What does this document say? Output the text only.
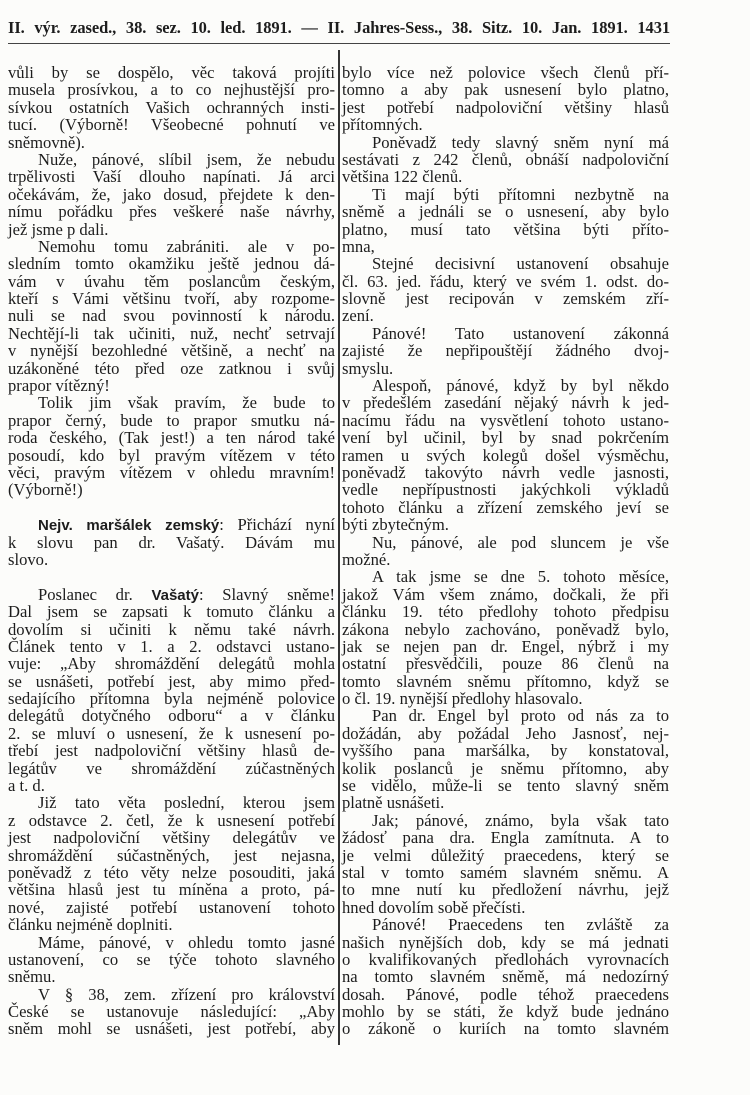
II. výr. zased., 38. sez. 10. led. 1891. — II. Jahres-Sess., 38. Sitz. 10. Jan. 1891. 1431
vůli by se dospělo, věc taková projíti
musela prosívkou, a to co nejhustější pro-
sívkou ostatních Vašich ochranných insti-
tucí. (Výborně! Všeobecné pohnutí ve
sněmovně).
Nuže, pánové, slíbil jsem, že nebudu
trpělivosti Vaší dlouho napínati. Já arci
očekávám, že, jako dosud, přejdete k den-
nímu pořádku přes veškeré naše návrhy,
jež jsme p dali.
Nemohu tomu zabrániti. ale v po-
sledním tomto okamžiku ještě jednou dá-
vám v úvahu těm poslancům českým,
kteří s Vámi většinu tvoří, aby rozpome-
nuli se nad svou povinností k národu.
Nechtějí-li tak učiniti, nuž, nechť setrvají
v nynější bezohledné většině, a nechť na
uzákoněné této před oze zatknou i svůj
prapor vítězný!
Tolik jim však pravím, že bude to
prapor černý, bude to prapor smutku ná-
roda českého, (Tak jest!) a ten národ také
posoudí, kdo byl pravým vítězem v této
věci, pravým vítězem v ohledu mravním!
(Výborně!)
Nejv. maršálek zemský: Přichází nyní
k slovu pan dr. Vašatý. Dávám mu
slovo.
Poslanec dr. Vašatý: Slavný sněme!
Dal jsem se zapsati k tomuto článku a
dovolím si učiniti k němu také návrh.
Článek tento v 1. a 2. odstavci ustano-
vuje: „Aby shromáždění delegátů mohla
se usnášeti, potřebí jest, aby mimo před-
sedajícího přítomna byla nejméně polovice
delegátů dotyčného odboru“ a v článku
2. se mluví o usnesení, že k usnesení po-
třebí jest nadpoloviční většiny hlasů de-
legátův ve shromáždění zúčastněných
a t. d.
Již tato věta poslední, kterou jsem
z odstavce 2. četl, že k usnesení potřebí
jest nadpoloviční většiny delegátův ve
shromáždění súčastněných, jest nejasna,
poněvadž z této věty nelze posouditi, jaká
většina hlasů jest tu míněna a proto, pá-
nové, zajisté potřebí ustanovení tohoto
článku nejméně doplniti.
Máme, pánové, v ohledu tomto jasné
ustanovení, co se týče tohoto slavného
sněmu.
V § 38, zem. zřízení pro království
České se ustanovuje následující: „Aby
sněm mohl se usnášeti, jest potřebí, aby
bylo více než polovice všech členů pří-
tomno a aby pak usnesení bylo platno,
jest potřebí nadpoloviční většiny hlasů
přítomných.
Poněvadž tedy slavný sněm nyní má
sestávati z 242 členů, obnáší nadpoloviční
většina 122 členů.
Ti mají býti přítomni nezbytně na
sněmě a jednáli se o usnesení, aby bylo
platno, musí tato většina býti příto-
mna,
Stejné decisivní ustanovení obsahuje
čl. 63. jed. řádu, který ve svém 1. odst. do-
slovně jest recipován v zemském zří-
zení.
Pánové! Tato ustanovení zákonná
zajisté že nepřipouštějí žádného dvoj-
smyslu.
Alespoň, pánové, když by byl někdo
v předešlém zasedání nějaký návrh k jed-
nacímu řádu na vysvětlení tohoto ustano-
vení byl učinil, byl by snad pokrčením
ramen u svých kolegů došel výsměchu,
poněvadž takovýto návrh vedle jasnosti,
vedle nepřípustnosti jakýchkoli výkladů
tohoto článku a zřízení zemského jeví se
býti zbytečným.
Nu, pánové, ale pod sluncem je vše
možné.
A tak jsme se dne 5. tohoto měsíce,
jakož Vám všem známo, dočkali, že při
článku 19. této předlohy tohoto předpisu
zákona nebylo zachováno, poněvadž bylo,
jak se nejen pan dr. Engel, nýbrž i my
ostatní přesvědčili, pouze 86 členů na
tomto slavném sněmu přítomno, když se
o čl. 19. nynější předlohy hlasovalo.
Pan dr. Engel byl proto od nás za to
dožádán, aby požádal Jeho Jasnosť, nej-
vyššího pana maršálka, by konstatoval,
kolik poslanců je sněmu přítomno, aby
se vidělo, může-li se tento slavný sněm
platně usnášeti.
Jak; pánové, známo, byla však tato
žádosť pana dra. Engla zamítnuta. A to
je velmi důležitý praecedens, který se
stal v tomto samém slavném sněmu. A
to mne nutí ku předložení návrhu, jejž
hned dovolím sobě přečísti.
Pánové! Praecedens ten zvláště za
našich nynějších dob, kdy se má jednati
o kvalifikovaných předlohách vyrovnacích
na tomto slavném sněmě, má nedozírný
dosah. Pánové, podle téhož praecedens
mohlo by se státi, že když bude jednáno
o zákoně o kuriích na tomto slavném
